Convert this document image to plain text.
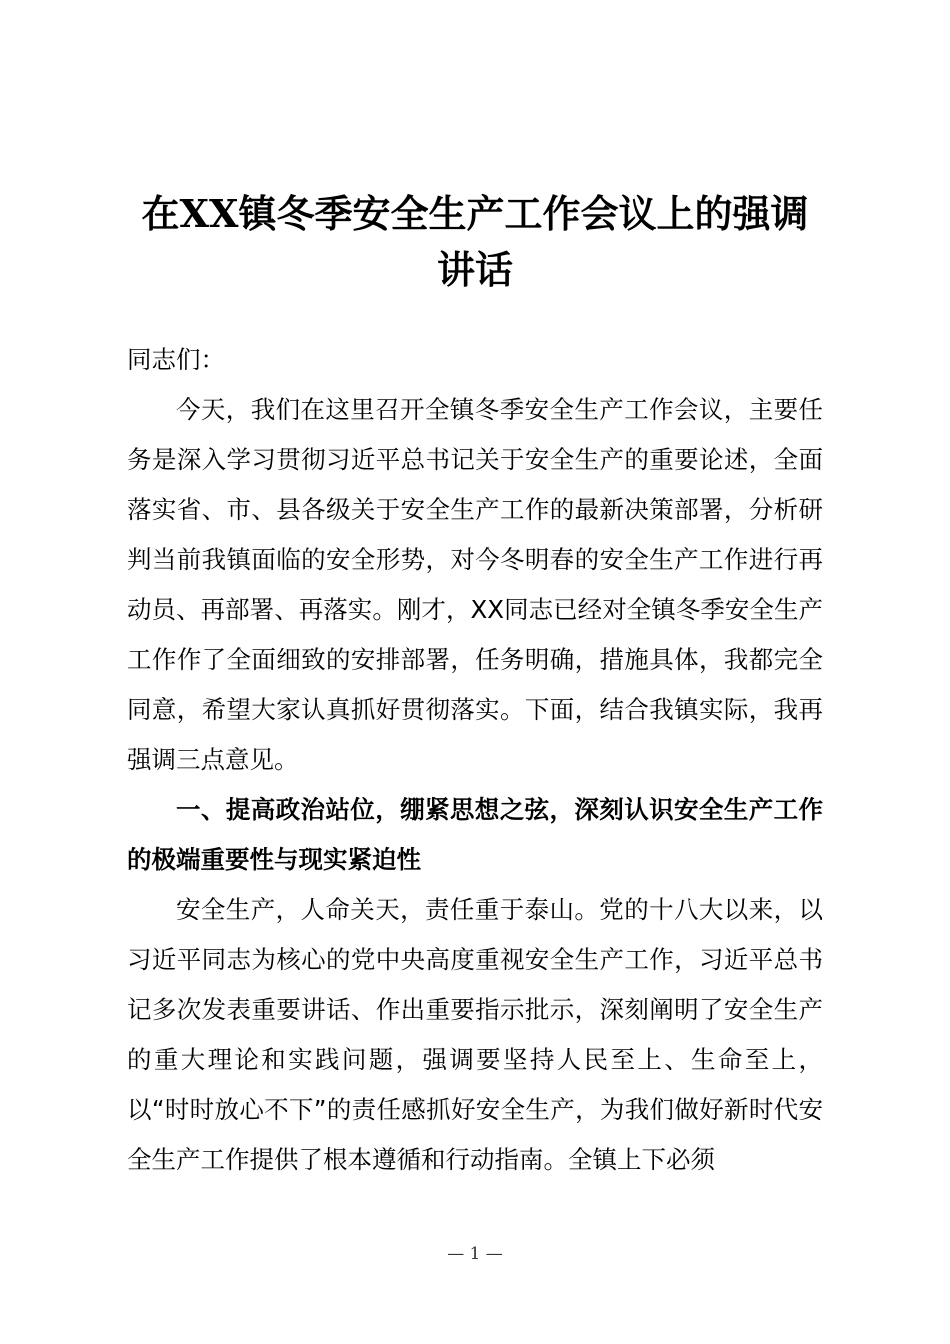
在XX镇冬季安全生产工作会议上的强调
讲话

同志们：

今天，我们在这里召开全镇冬季安全生产工作会议，主要任务是深入学习贯彻习近平总书记关于安全生产的重要论述，全面落实省、市、县各级关于安全生产工作的最新决策部署，分析研判当前我镇面临的安全形势，对今冬明春的安全生产工作进行再动员、再部署、再落实。刚才，XX同志已经对全镇冬季安全生产工作作了全面细致的安排部署，任务明确，措施具体，我都完全同意，希望大家认真抓好贯彻落实。下面，结合我镇实际，我再强调三点意见。

一、提高政治站位，绷紧思想之弦，深刻认识安全生产工作的极端重要性与现实紧迫性

安全生产，人命关天，责任重于泰山。党的十八大以来，以习近平同志为核心的党中央高度重视安全生产工作，习近平总书记多次发表重要讲话、作出重要指示批示，深刻阐明了安全生产的重大理论和实践问题，强调要坚持人民至上、生命至上，以“时时放心不下”的责任感抓好安全生产，为我们做好新时代安全生产工作提供了根本遵循和行动指南。全镇上下必须

— 1 —
